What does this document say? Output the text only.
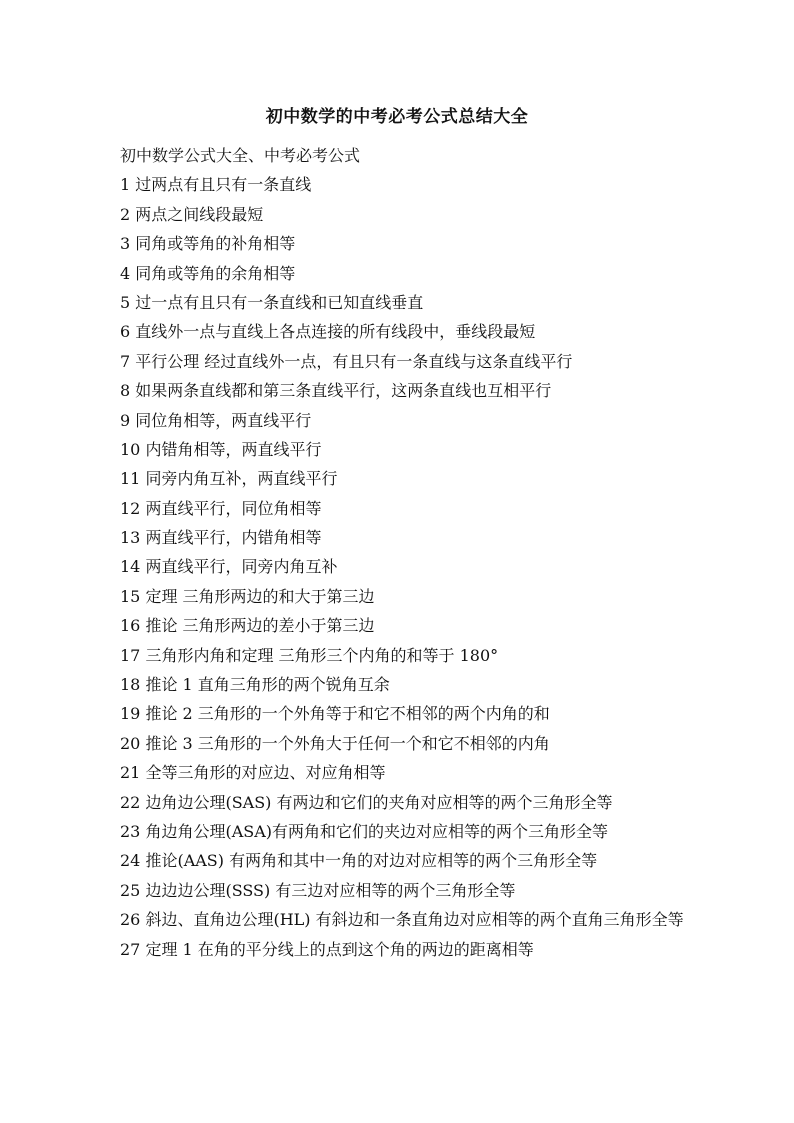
初中数学的中考必考公式总结大全
初中数学公式大全、中考必考公式
1 过两点有且只有一条直线
2 两点之间线段最短
3 同角或等角的补角相等
4 同角或等角的余角相等
5 过一点有且只有一条直线和已知直线垂直
6 直线外一点与直线上各点连接的所有线段中，垂线段最短
7 平行公理 经过直线外一点，有且只有一条直线与这条直线平行
8 如果两条直线都和第三条直线平行，这两条直线也互相平行
9 同位角相等，两直线平行
10 内错角相等，两直线平行
11 同旁内角互补，两直线平行
12 两直线平行，同位角相等
13 两直线平行，内错角相等
14 两直线平行，同旁内角互补
15 定理 三角形两边的和大于第三边
16 推论 三角形两边的差小于第三边
17 三角形内角和定理 三角形三个内角的和等于 180°
18 推论 1 直角三角形的两个锐角互余
19 推论 2 三角形的一个外角等于和它不相邻的两个内角的和
20 推论 3 三角形的一个外角大于任何一个和它不相邻的内角
21 全等三角形的对应边、对应角相等
22 边角边公理(SAS) 有两边和它们的夹角对应相等的两个三角形全等
23 角边角公理(ASA)有两角和它们的夹边对应相等的两个三角形全等
24 推论(AAS) 有两角和其中一角的对边对应相等的两个三角形全等
25 边边边公理(SSS) 有三边对应相等的两个三角形全等
26 斜边、直角边公理(HL) 有斜边和一条直角边对应相等的两个直角三角形全等
27 定理 1 在角的平分线上的点到这个角的两边的距离相等
